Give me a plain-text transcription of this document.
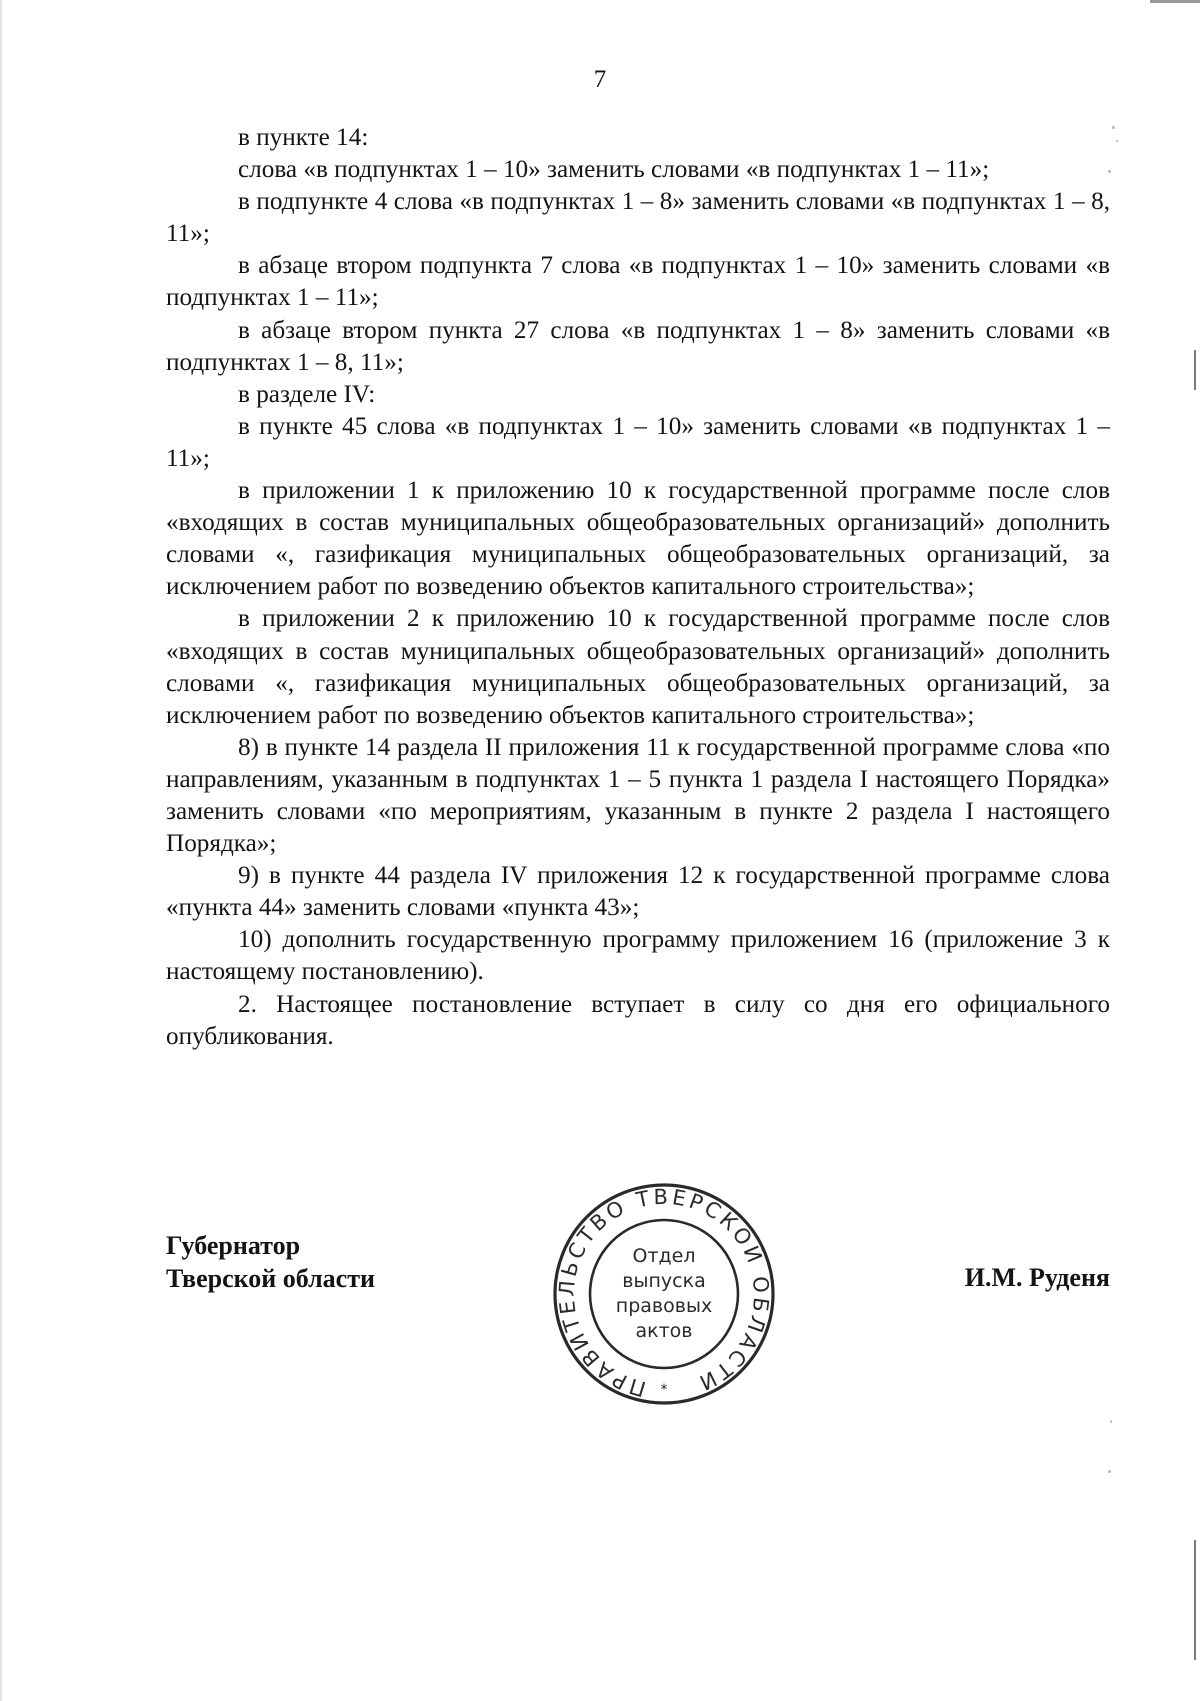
7

в пункте 14:

слова «в подпунктах 1 – 10» заменить словами «в подпунктах 1 – 11»;

в подпункте 4 слова «в подпунктах 1 – 8» заменить словами «в подпунктах 1 – 8, 11»;

в абзаце втором подпункта 7 слова «в подпунктах 1 – 10» заменить словами «в подпунктах 1 – 11»;

в абзаце втором пункта 27 слова «в подпунктах 1 – 8» заменить словами «в подпунктах 1 – 8, 11»;

в разделе IV:

в пункте 45 слова «в подпунктах 1 – 10» заменить словами «в подпунктах 1 – 11»;

в приложении 1 к приложению 10 к государственной программе после слов «входящих в состав муниципальных общеобразовательных организаций» дополнить словами «, газификация муниципальных общеобразовательных организаций, за исключением работ по возведению объектов капитального строительства»;

в приложении 2 к приложению 10 к государственной программе после слов «входящих в состав муниципальных общеобразовательных организаций» дополнить словами «, газификация муниципальных общеобразовательных организаций, за исключением работ по возведению объектов капитального строительства»;

8) в пункте 14 раздела II приложения 11 к государственной программе слова «по направлениям, указанным в подпунктах 1 – 5 пункта 1 раздела I настоящего Порядка» заменить словами «по мероприятиям, указанным в пункте 2 раздела I настоящего Порядка»;

9) в пункте 44 раздела IV приложения 12 к государственной программе слова «пункта 44» заменить словами «пункта 43»;

10) дополнить государственную программу приложением 16 (приложение 3 к настоящему постановлению).

2. Настоящее постановление вступает в силу со дня его официального опубликования.

Губернатор
Тверской области	И.М. Руденя
ПРАВИТЕЛЬСТВО ТВЕРСКОЙ ОБЛАСТИ
Отдел
выпуска
правовых
актов
*
